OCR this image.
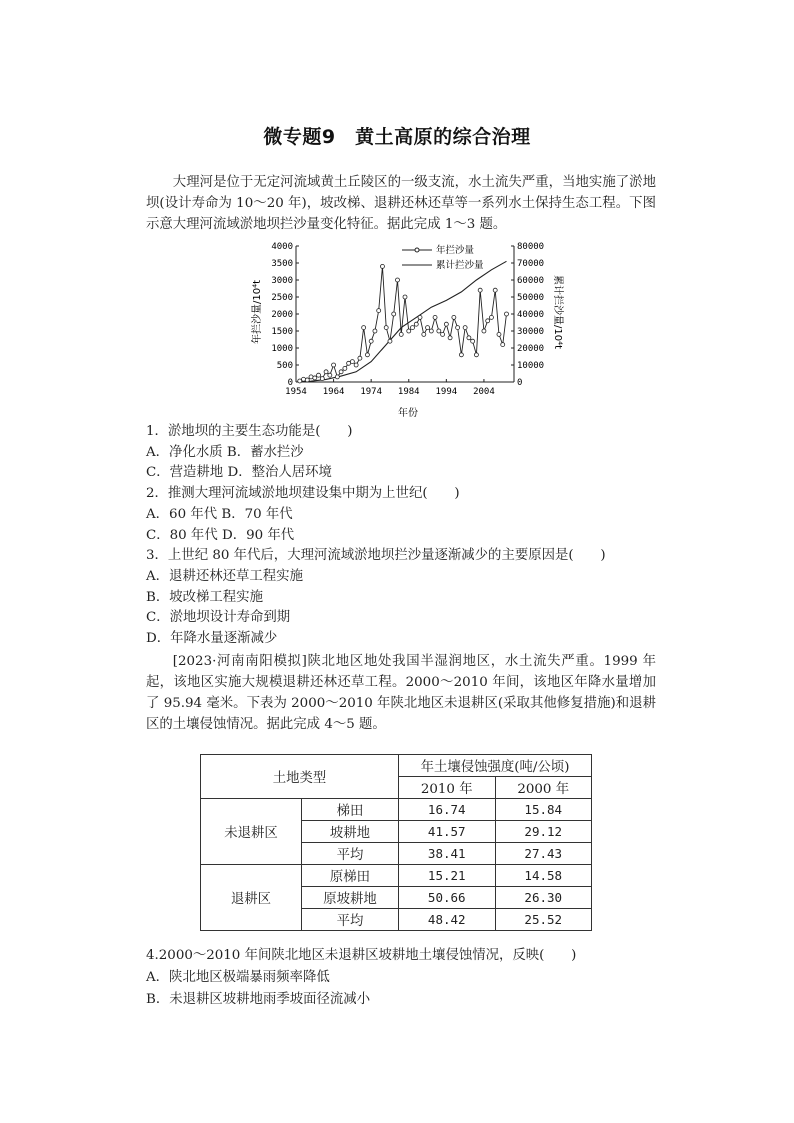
微专题9　黄土高原的综合治理

大理河是位于无定河流域黄土丘陵区的一级支流，水土流失严重，当地实施了淤地坝(设计寿命为 10～20 年)，坡改梯、退耕还林还草等一系列水土保持生态工程。下图示意大理河流域淤地坝拦沙量变化特征。据此完成 1～3 题。

0
500
1000
1500
2000
2500
3000
3500
4000
0
10000
20000
30000
40000
50000
60000
70000
80000
1954 1964 1974 1984 1994 2004
年拦沙量
累计拦沙量
年份
年拦沙量/10⁴t	累计拦沙量/10⁴t

1．淤地坝的主要生态功能是(　　)

A．净化水质 B．蓄水拦沙

C．营造耕地 D．整治人居环境

2．推测大理河流域淤地坝建设集中期为上世纪(　　)

A．60 年代 B．70 年代

C．80 年代 D．90 年代

3．上世纪 80 年代后，大理河流域淤地坝拦沙量逐渐减少的主要原因是(　　)

A．退耕还林还草工程实施

B．坡改梯工程实施

C．淤地坝设计寿命到期

D．年降水量逐渐减少

[2023·河南南阳模拟]陕北地区地处我国半湿润地区，水土流失严重。1999 年起，该地区实施大规模退耕还林还草工程。2000～2010 年间，该地区年降水量增加了 95.94 毫米。下表为 2000～2010 年陕北地区未退耕区(采取其他修复措施)和退耕区的土壤侵蚀情况。据此完成 4～5 题。

土地类型		年土壤侵蚀强度(吨/公顷)	
		2010 年	2000 年
未退耕区	梯田	16.74	15.84
	坡耕地	41.57	29.12
	平均	38.41	27.43
退耕区	原梯田	15.21	14.58
	原坡耕地	50.66	26.30
	平均	48.42	25.52

4.2000～2010 年间陕北地区未退耕区坡耕地土壤侵蚀情况，反映(　　)

A．陕北地区极端暴雨频率降低

B．未退耕区坡耕地雨季坡面径流减小
